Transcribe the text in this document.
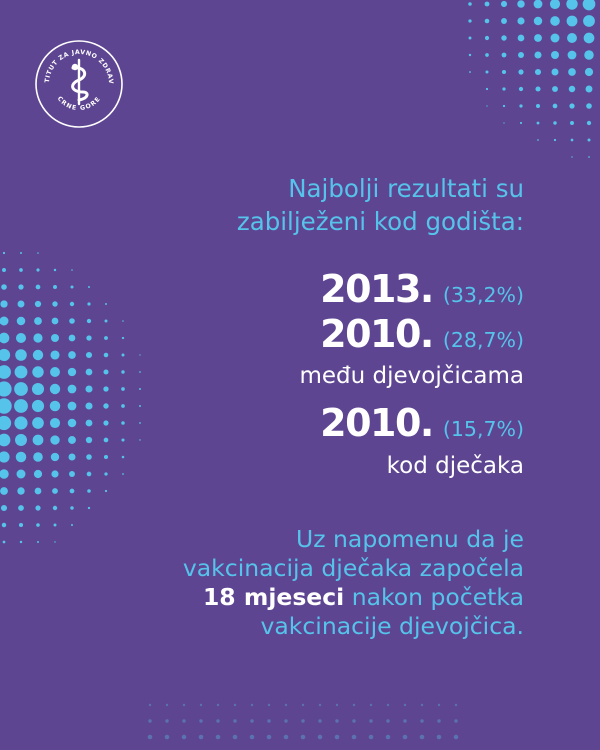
TITUT ZA JAVNO ZDRAV
CRNE GORE

Najbolji rezultati su
zabilježeni kod godišta:

2013. (33,2%)

2010. (28,7%)

među djevojčicama

2010. (15,7%)

kod dječaka

Uz napomenu da je
vakcinacija dječaka započela
18 mjeseci nakon početka
vakcinacije djevojčica.
